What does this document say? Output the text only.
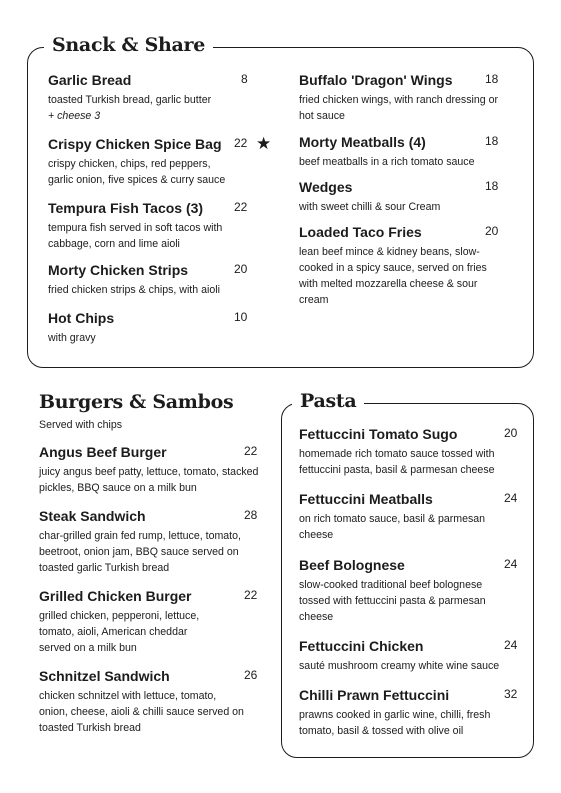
Snack & Share
Garlic Bread	8
toasted Turkish bread, garlic butter
+ cheese 3
Crispy Chicken Spice Bag 22 ★
crispy chicken, chips, red peppers, garlic onion, five spices & curry sauce
Tempura Fish Tacos (3)	22
tempura fish served in soft tacos with cabbage, corn and lime aioli
Morty Chicken Strips	20
fried chicken strips & chips, with aioli
Hot Chips	10
with gravy
Buffalo 'Dragon' Wings	18
fried chicken wings, with ranch dressing or hot sauce
Morty Meatballs (4)	18
beef meatballs in a rich tomato sauce
Wedges	18
with sweet chilli & sour Cream
Loaded Taco Fries	20
lean beef mince & kidney beans, slow-cooked in a spicy sauce, served on fries with melted mozzarella cheese & sour cream
Burgers & Sambos
Served with chips
Angus Beef Burger	22
juicy angus beef patty, lettuce, tomato, stacked pickles, BBQ sauce on a milk bun
Steak Sandwich	28
char-grilled grain fed rump, lettuce, tomato, beetroot, onion jam, BBQ sauce served on toasted garlic Turkish bread
Grilled Chicken Burger	22
grilled chicken, pepperoni, lettuce, tomato, aioli, American cheddar served on a milk bun
Schnitzel Sandwich	26
chicken schnitzel with lettuce, tomato, onion, cheese, aioli & chilli sauce served on toasted Turkish bread
Pasta
Fettuccini Tomato Sugo	20
homemade rich tomato sauce tossed with fettuccini pasta, basil & parmesan cheese
Fettuccini Meatballs	24
on rich tomato sauce, basil & parmesan cheese
Beef Bolognese	24
slow-cooked traditional beef bolognese tossed with fettuccini pasta & parmesan cheese
Fettuccini Chicken	24
sauté mushroom creamy white wine sauce
Chilli Prawn Fettuccini	32
prawns cooked in garlic wine, chilli, fresh tomato, basil & tossed with olive oil
